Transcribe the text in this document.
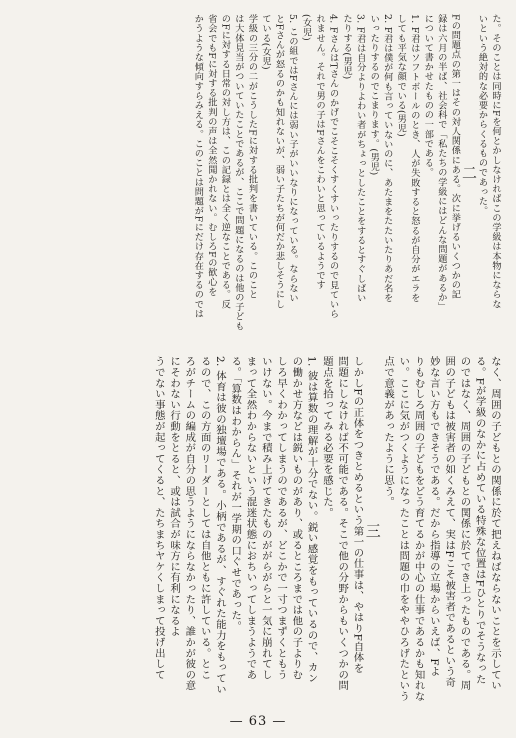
た。そのことは同時にFを何とかしなければこの学級は本物にならな
いという絶対的な必要からくるものであった。
二
Fの問題点の第一はその対人関係にある。次に挙げるいくつかの記
録は六月の半ば、社会科で「私たちの学級にはどんな問題があるか」
について書かせたものの一部である。
1. F君はソフトボールのとき、人が失敗すると怒るが自分がエラを
しても平気な顔でいる(男児)
2. F君は僕が何も言っていないのに、あたまをたたいたりあだ名を
いったりするのでこまります。(男児)
3. F君は自分よりよわい者がちょっとしたことをするとすぐしばい
たりする(男児)
4. FさんはTさんのかげでこそこそくすくすいったりするので見ていら
れません。それで男の子はFさんをこわいと思っているようです
(女児)
5. この組ではFさんには弱い子がいいなりになっている。ならない
とFさんが怒るのかも知れないが、弱い子たちが何だか悲しそうにし
ている(女児)
学級の三分の二がこうしたFに対する批判を書いている。このこと
は大体見当がついていたことであるが、ここで問題になるのは他の子ども
のFに対する日常の対し方は、この記録とは全く逆なことである。反
省会でもFに対する批判の声は全然聞かれない。むしろFの歓心を
かうような傾向すらみえる。このことは問題がFにだけ存在するのでは
なく、周囲の子どもとの関係に於て把えねばならないことを示してい
る。Fが学級のなかに占めている特殊な位置はFひとりでそうなった
のではなく、周囲の子どもとの関係に於てでき上ったものである。周
囲の子どもは被害者の如くみえて、実はFこそ被害者であるという奇
妙な言い方もできそうである。だから指導の立場からいえば、Fよ
りもむしろ周囲の子どもをどう育てるかが中心の仕事であるかも知れな
い。ここに気がつくようになったことは問題の巾をややひろげたという
点で意義があったように思う。
三
しかしFの正体をつきとめるという第一の仕事は、やはりF自体を
問題にしなければ不可能である。そこで他の分野からもいくつかの問
題点を拾ってみる必要を感じた。
1. 彼は算数の理解が十分でない。鋭い感覚をもっているので、カン
の働かせ方などは鋭いものがあり、或るところまでは他の子よりむ
しろ早くわかってしまうのであるが、どこかで一寸つまずくともう
いけない。今まで積み上げてきたものががらがらと一気に崩れてし
まって全然わからないという混迷状態におちいってしまうようであ
る。「算数はわからん」それが一学期の口ぐせであった。
2. 体育は彼の独壇場である。小柄であるが、すぐれた能力をもってい
るので、この方面のリーダーとしては自他ともに許している。とこ
ろがチームの編成が自分の思うようにならなかったり、誰かが彼の意
にそわない行動をとると、或は試合が味方に有利になるよ
うでない事態が起ってくると、たちまちヤケくしまって投げ出して
— 63 —
